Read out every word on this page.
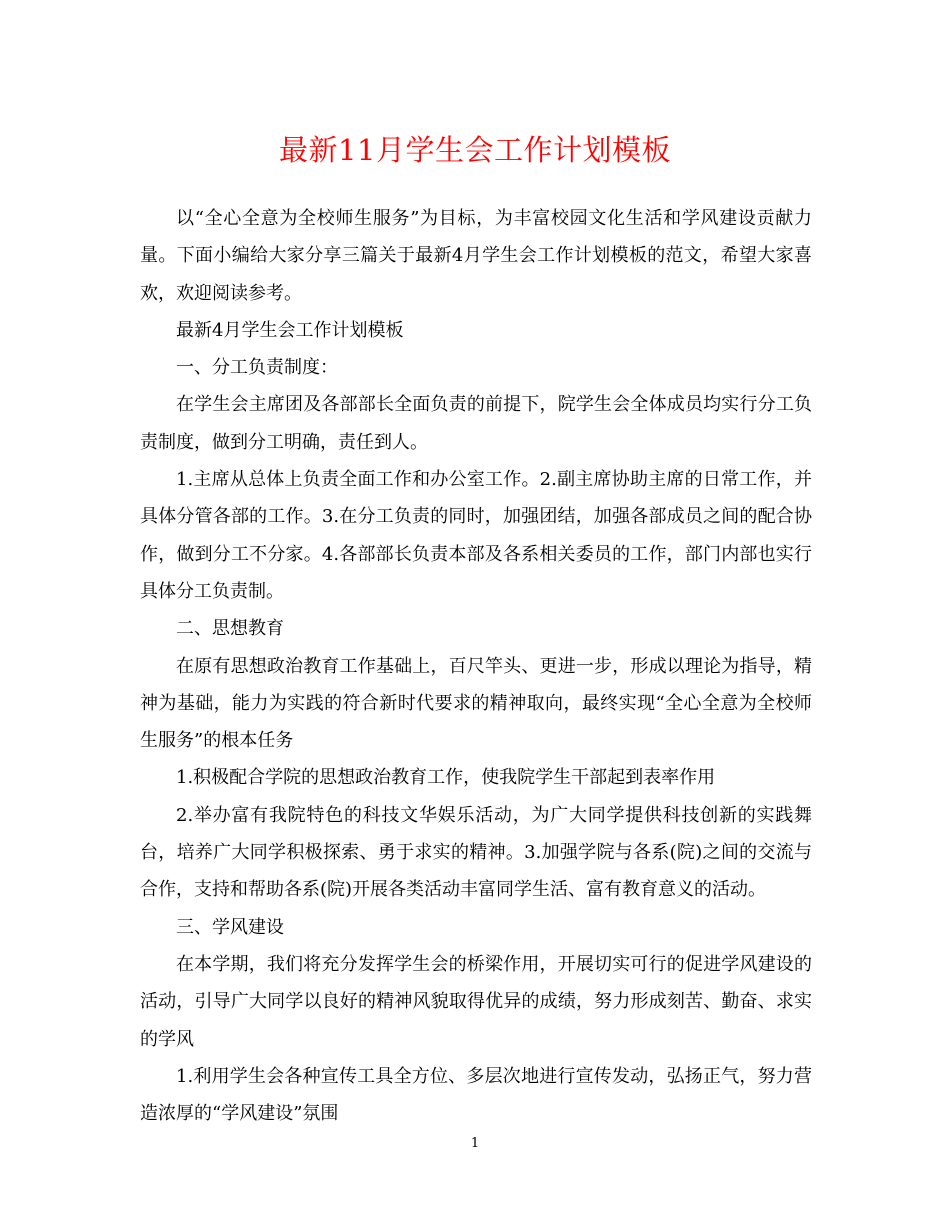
最新11月学生会工作计划模板

以“全心全意为全校师生服务”为目标，为丰富校园文化生活和学风建设贡献力量。下面小编给大家分享三篇关于最新4月学生会工作计划模板的范文，希望大家喜欢，欢迎阅读参考。

最新4月学生会工作计划模板

一、分工负责制度：

在学生会主席团及各部部长全面负责的前提下，院学生会全体成员均实行分工负责制度，做到分工明确，责任到人。

1.主席从总体上负责全面工作和办公室工作。2.副主席协助主席的日常工作，并具体分管各部的工作。3.在分工负责的同时，加强团结，加强各部成员之间的配合协作，做到分工不分家。4.各部部长负责本部及各系相关委员的工作，部门内部也实行具体分工负责制。

二、思想教育

在原有思想政治教育工作基础上，百尺竿头、更进一步，形成以理论为指导，精神为基础，能力为实践的符合新时代要求的精神取向，最终实现“全心全意为全校师生服务”的根本任务

1.积极配合学院的思想政治教育工作，使我院学生干部起到表率作用

2.举办富有我院特色的科技文华娱乐活动，为广大同学提供科技创新的实践舞台，培养广大同学积极探索、勇于求实的精神。3.加强学院与各系(院)之间的交流与合作，支持和帮助各系(院)开展各类活动丰富同学生活、富有教育意义的活动。

三、学风建设

在本学期，我们将充分发挥学生会的桥梁作用，开展切实可行的促进学风建设的活动，引导广大同学以良好的精神风貌取得优异的成绩，努力形成刻苦、勤奋、求实的学风

1.利用学生会各种宣传工具全方位、多层次地进行宣传发动，弘扬正气，努力营造浓厚的“学风建设”氛围

1
